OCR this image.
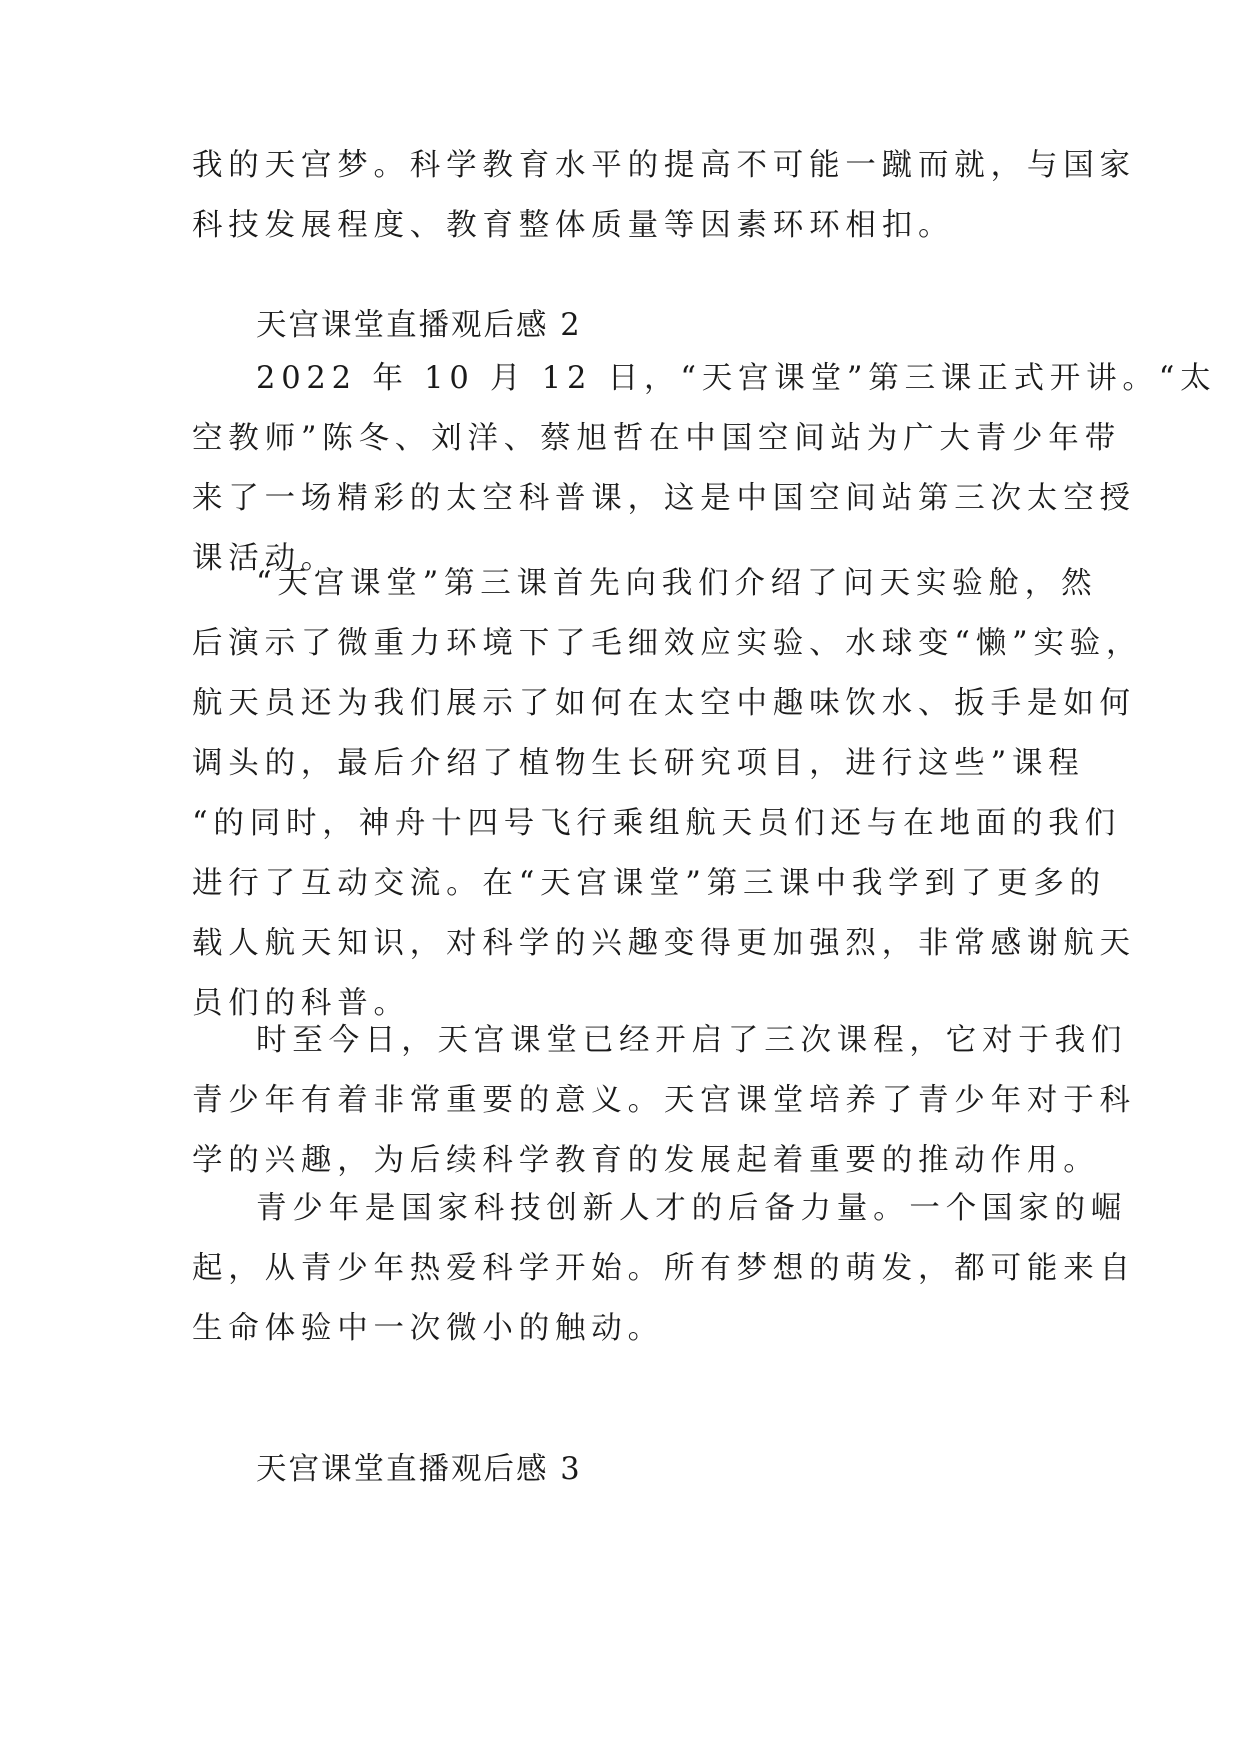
我的天宫梦。科学教育水平的提高不可能一蹴而就，与国家
科技发展程度、教育整体质量等因素环环相扣。
天宫课堂直播观后感 2
2022 年 10 月 12 日，“天宫课堂”第三课正式开讲。“太
空教师”陈冬、刘洋、蔡旭哲在中国空间站为广大青少年带
来了一场精彩的太空科普课，这是中国空间站第三次太空授
课活动。
“天宫课堂”第三课首先向我们介绍了问天实验舱，然
后演示了微重力环境下了毛细效应实验、水球变“懒”实验，
航天员还为我们展示了如何在太空中趣味饮水、扳手是如何
调头的，最后介绍了植物生长研究项目，进行这些”课程
“的同时，神舟十四号飞行乘组航天员们还与在地面的我们
进行了互动交流。在“天宫课堂”第三课中我学到了更多的
载人航天知识，对科学的兴趣变得更加强烈，非常感谢航天
员们的科普。
时至今日，天宫课堂已经开启了三次课程，它对于我们
青少年有着非常重要的意义。天宫课堂培养了青少年对于科
学的兴趣，为后续科学教育的发展起着重要的推动作用。
青少年是国家科技创新人才的后备力量。一个国家的崛
起，从青少年热爱科学开始。所有梦想的萌发，都可能来自
生命体验中一次微小的触动。
天宫课堂直播观后感 3
